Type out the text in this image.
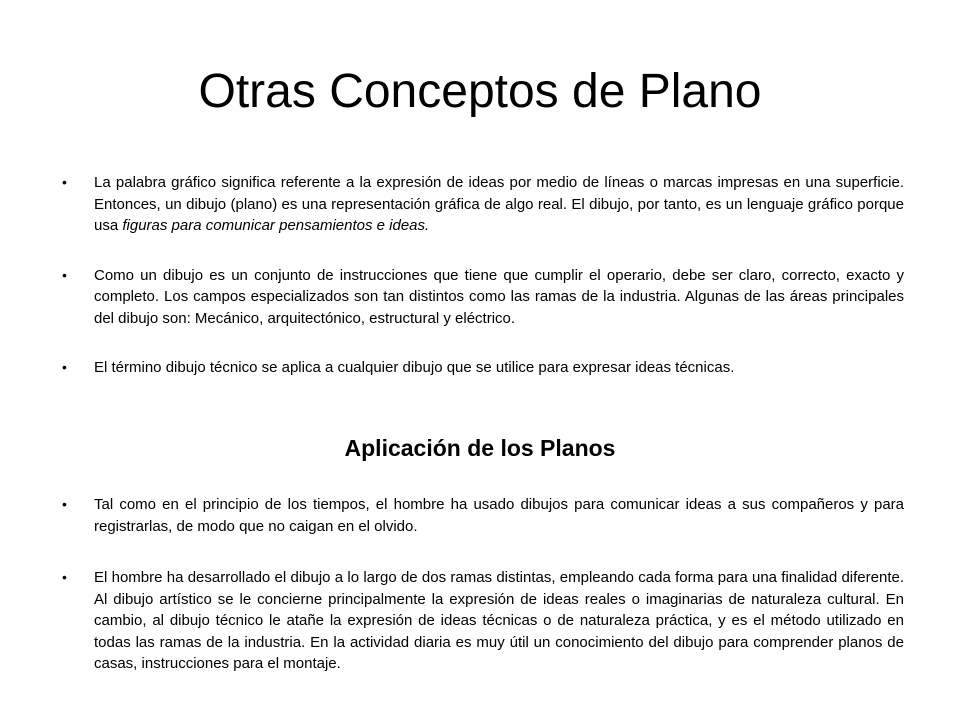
Otras Conceptos de Plano

• La palabra gráfico significa referente a la expresión de ideas por medio de líneas o marcas impresas en una superficie. Entonces, un dibujo (plano) es una representación gráfica de algo real. El dibujo, por tanto, es un lenguaje gráfico porque usa figuras para comunicar pensamientos e ideas.

• Como un dibujo es un conjunto de instrucciones que tiene que cumplir el operario, debe ser claro, correcto, exacto y completo. Los campos especializados son tan distintos como las ramas de la industria. Algunas de las áreas principales del dibujo son: Mecánico, arquitectónico, estructural y eléctrico.

• El término dibujo técnico se aplica a cualquier dibujo que se utilice para expresar ideas técnicas.

Aplicación de los Planos

• Tal como en el principio de los tiempos, el hombre ha usado dibujos para comunicar ideas a sus compañeros y para registrarlas, de modo que no caigan en el olvido.

• El hombre ha desarrollado el dibujo a lo largo de dos ramas distintas, empleando cada forma para una finalidad diferente. Al dibujo artístico se le concierne principalmente la expresión de ideas reales o imaginarias de naturaleza cultural. En cambio, al dibujo técnico le atañe la expresión de ideas técnicas o de naturaleza práctica, y es el método utilizado en todas las ramas de la industria. En la actividad diaria es muy útil un conocimiento del dibujo para comprender planos de casas, instrucciones para el montaje.
